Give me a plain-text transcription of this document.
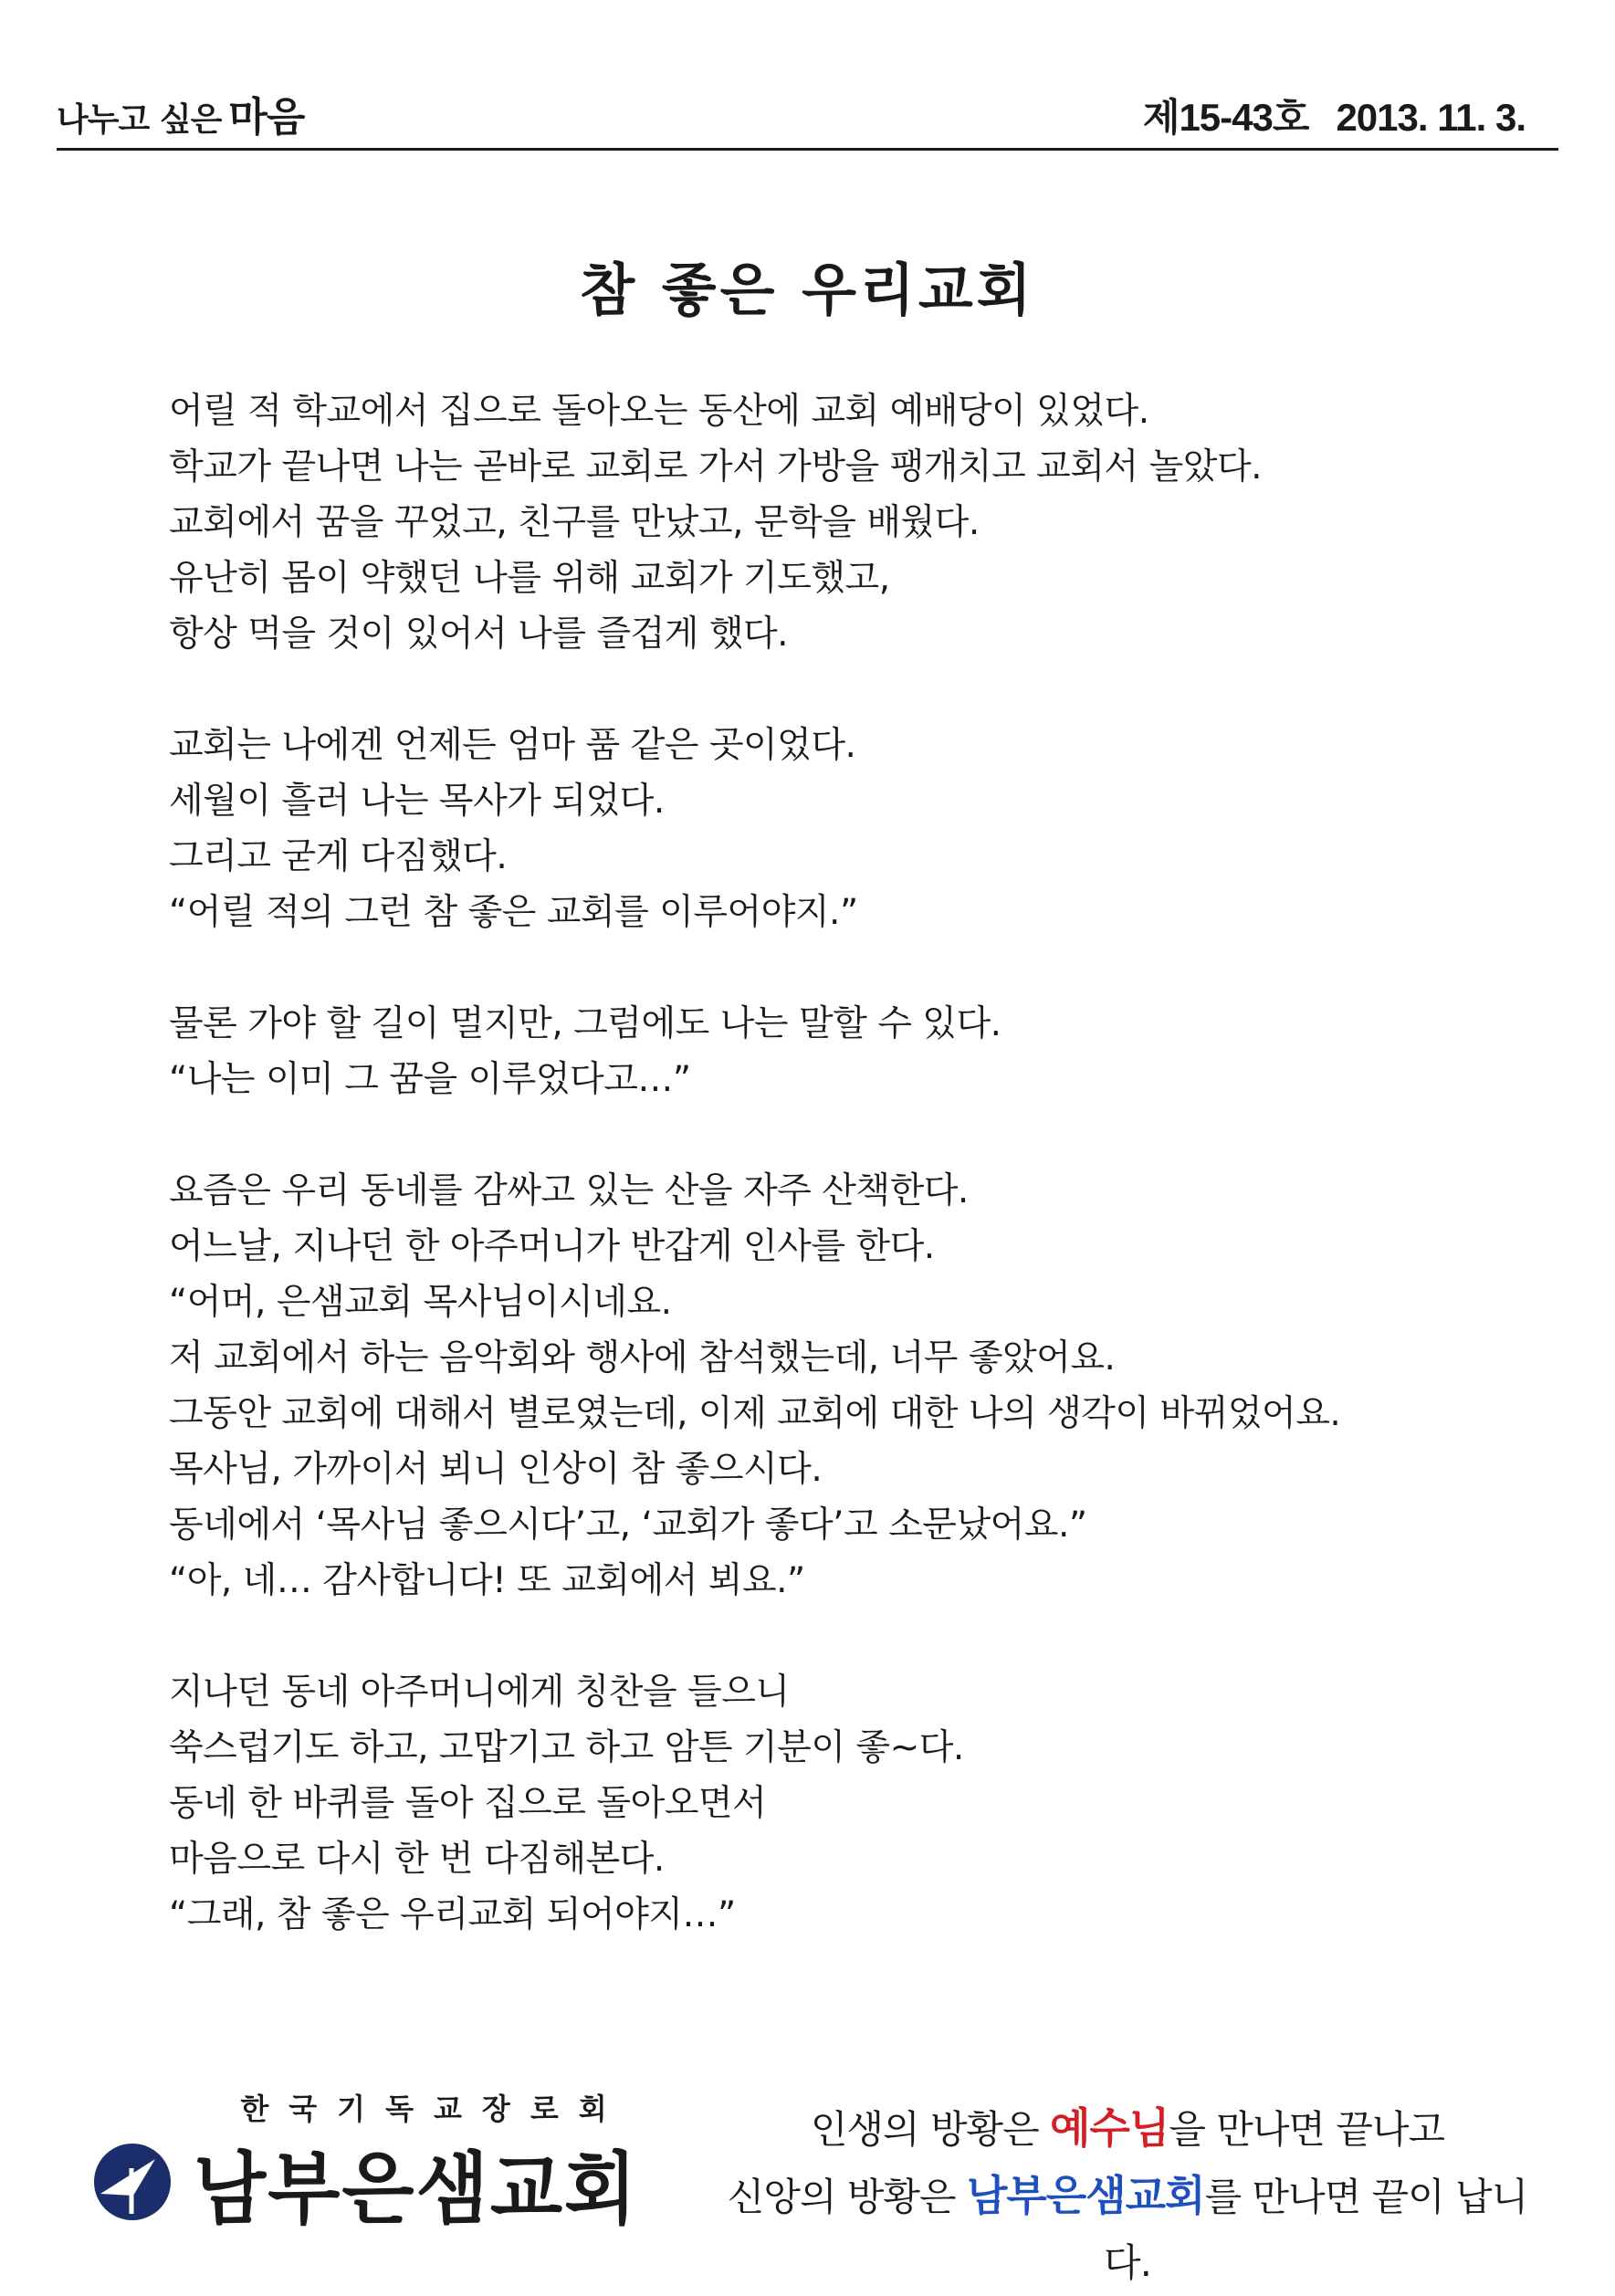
나누고 싶은 마음	제15-43호 2013. 11. 3.
참 좋은 우리교회
어릴 적 학교에서 집으로 돌아오는 동산에 교회 예배당이 있었다.
학교가 끝나면 나는 곧바로 교회로 가서 가방을 팽개치고 교회서 놀았다.
교회에서 꿈을 꾸었고, 친구를 만났고, 문학을 배웠다.
유난히 몸이 약했던 나를 위해 교회가 기도했고,
항상 먹을 것이 있어서 나를 즐겁게 했다.
교회는 나에겐 언제든 엄마 품 같은 곳이었다.
세월이 흘러 나는 목사가 되었다.
그리고 굳게 다짐했다.
“어릴 적의 그런 참 좋은 교회를 이루어야지.”
물론 가야 할 길이 멀지만, 그럼에도 나는 말할 수 있다.
“나는 이미 그 꿈을 이루었다고…”
요즘은 우리 동네를 감싸고 있는 산을 자주 산책한다.
어느날, 지나던 한 아주머니가 반갑게 인사를 한다.
“어머, 은샘교회 목사님이시네요.
저 교회에서 하는 음악회와 행사에 참석했는데, 너무 좋았어요.
그동안 교회에 대해서 별로였는데, 이제 교회에 대한 나의 생각이 바뀌었어요.
목사님, 가까이서 뵈니 인상이 참 좋으시다.
동네에서 ‘목사님 좋으시다’고, ‘교회가 좋다’고 소문났어요.”
“아, 네… 감사합니다! 또 교회에서 뵈요.”
지나던 동네 아주머니에게 칭찬을 들으니
쑥스럽기도 하고, 고맙기고 하고 암튼 기분이 좋~다.
동네 한 바퀴를 돌아 집으로 돌아오면서
마음으로 다시 한 번 다짐해본다.
“그래, 참 좋은 우리교회 되어야지…”
한국기독교장로회
남부은샘교회
인생의 방황은 예수님을 만나면 끝나고
신앙의 방황은 남부은샘교회를 만나면 끝이 납니다.
